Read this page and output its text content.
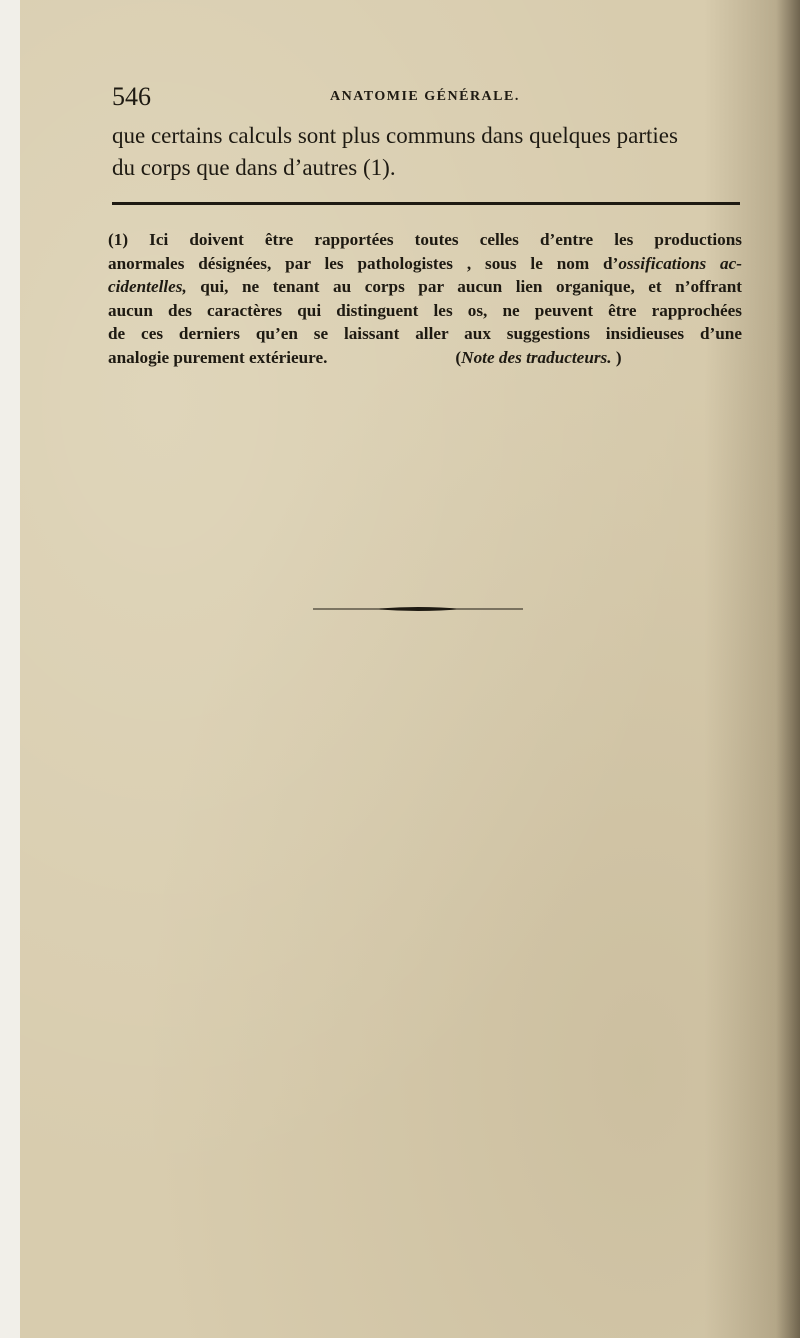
546	ANATOMIE GÉNÉRALE.
que certains calculs sont plus communs dans quelques parties
du corps que dans d’autres (1).
(1) Ici doivent être rapportées toutes celles d’entre les productions
anormales désignées, par les pathologistes , sous le nom d’ossifications ac-
cidentelles, qui, ne tenant au corps par aucun lien organique, et n’offrant
aucun des caractères qui distinguent les os, ne peuvent être rapprochées
de ces derniers qu’en se laissant aller aux suggestions insidieuses d’une
analogie purement extérieure.	(Note des traducteurs. )
